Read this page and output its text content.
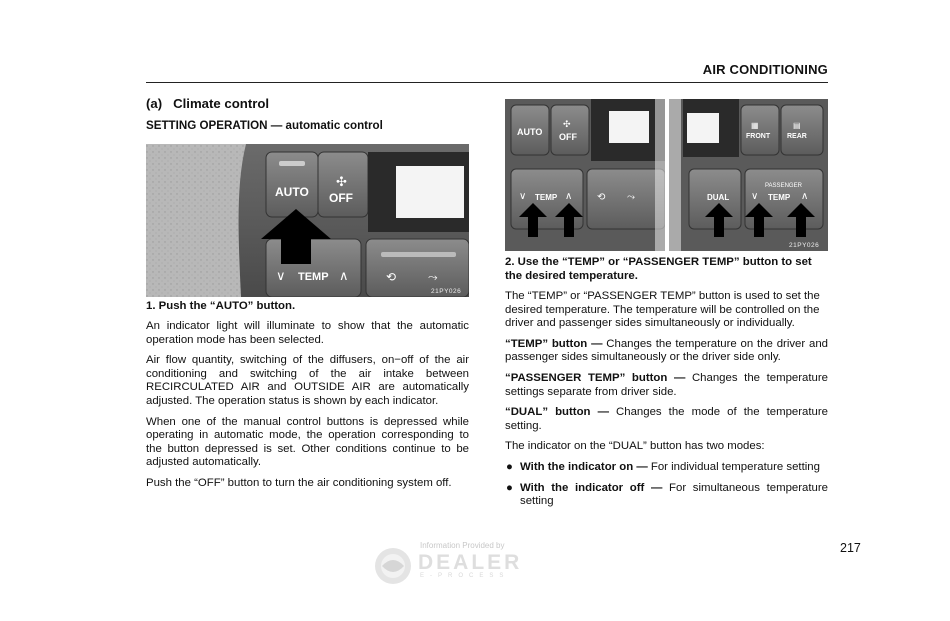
AIR CONDITIONING
(a)   Climate control
SETTING OPERATION — automatic control
AUTO
✣
OFF
TEMP
∨	∧	⟲	⤳
21PY026
1. Push the “AUTO” button.

An indicator light will illuminate to show that the automatic operation mode has been selected.

Air flow quantity, switching of the diffusers, on−off of the air conditioning and switching of the air intake between RECIRCULATED AIR and OUTSIDE AIR are automatically adjusted. The operation status is shown by each indicator.

When one of the manual control buttons is depressed while operating in automatic mode, the operation corresponding to the button depressed is set. Other conditions continue to be adjusted automatically.

Push the “OFF” button to turn the air conditioning system off.

AUTO
✣
OFF
∨ TEMP ∧ ⟲ ⤳
▦
FRONT
▤
REAR
DUAL
PASSENGER
∨ TEMP ∧
21PY026
2. Use the “TEMP” or “PASSENGER TEMP” button to set the desired temperature.

The “TEMP” or “PASSENGER TEMP” button is used to set the desired temperature. The temperature will be controlled on the driver and passenger sides simultaneously or individually.

“TEMP” button — Changes the temperature on the driver and passenger sides simultaneously or the driver side only.

“PASSENGER TEMP” button — Changes the temperature settings separate from driver side.

“DUAL” button — Changes the mode of the temperature setting.

The indicator on the “DUAL” button has two modes:

● With the indicator on — For individual temperature setting

● With the indicator off — For simultaneous temperature setting

217
Information Provided by
DEALER
E-PROCESS
